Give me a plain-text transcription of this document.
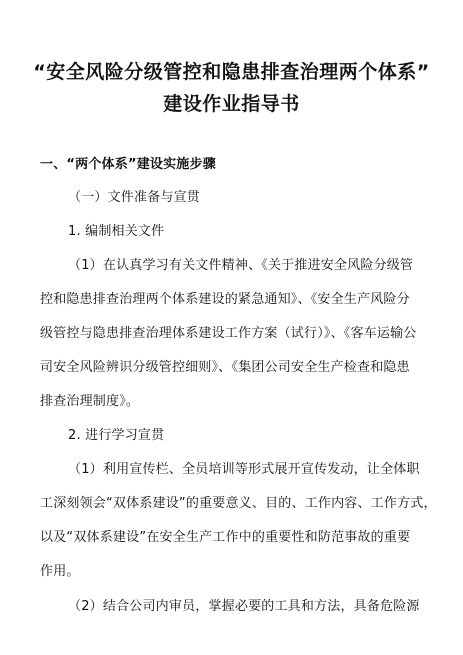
“安全风险分级管控和隐患排查治理两个体系”
建设作业指导书
一、“两个体系”建设实施步骤
（一）文件准备与宣贯
1. 编制相关文件
（1）在认真学习有关文件精神、《关于推进安全风险分级管
控和隐患排查治理两个体系建设的紧急通知》、《安全生产风险分
级管控与隐患排查治理体系建设工作方案（试行）》、《客车运输公
司安全风险辨识分级管控细则》、《集团公司安全生产检查和隐患
排查治理制度》。
2. 进行学习宣贯
（1）利用宣传栏、全员培训等形式展开宣传发动，让全体职
工深刻领会“双体系建设”的重要意义、目的、工作内容、工作方式，
以及“双体系建设”在安全生产工作中的重要性和防范事故的重要
作用。
（2）结合公司内审员，掌握必要的工具和方法，具备危险源
